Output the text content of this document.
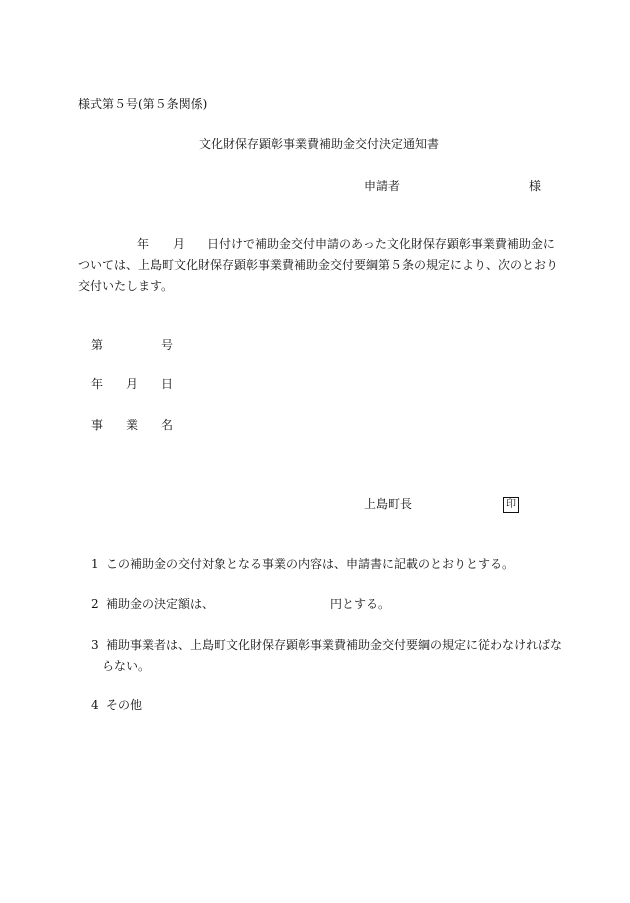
様式第５号(第５条関係)
文化財保存顕彰事業費補助金交付決定通知書
申請者	様
年 月 日付けで補助金交付申請のあった文化財保存顕彰事業費補助金に
ついては、上島町文化財保存顕彰事業費補助金交付要綱第５条の規定により、次のとおり
交付いたします。
第	号
年 月 日
事 業 名
上島町長	印
1 この補助金の交付対象となる事業の内容は、申請書に記載のとおりとする。
2 補助金の決定額は、	円とする。
3 補助事業者は、上島町文化財保存顕彰事業費補助金交付要綱の規定に従わなければな
らない。
4 その他
